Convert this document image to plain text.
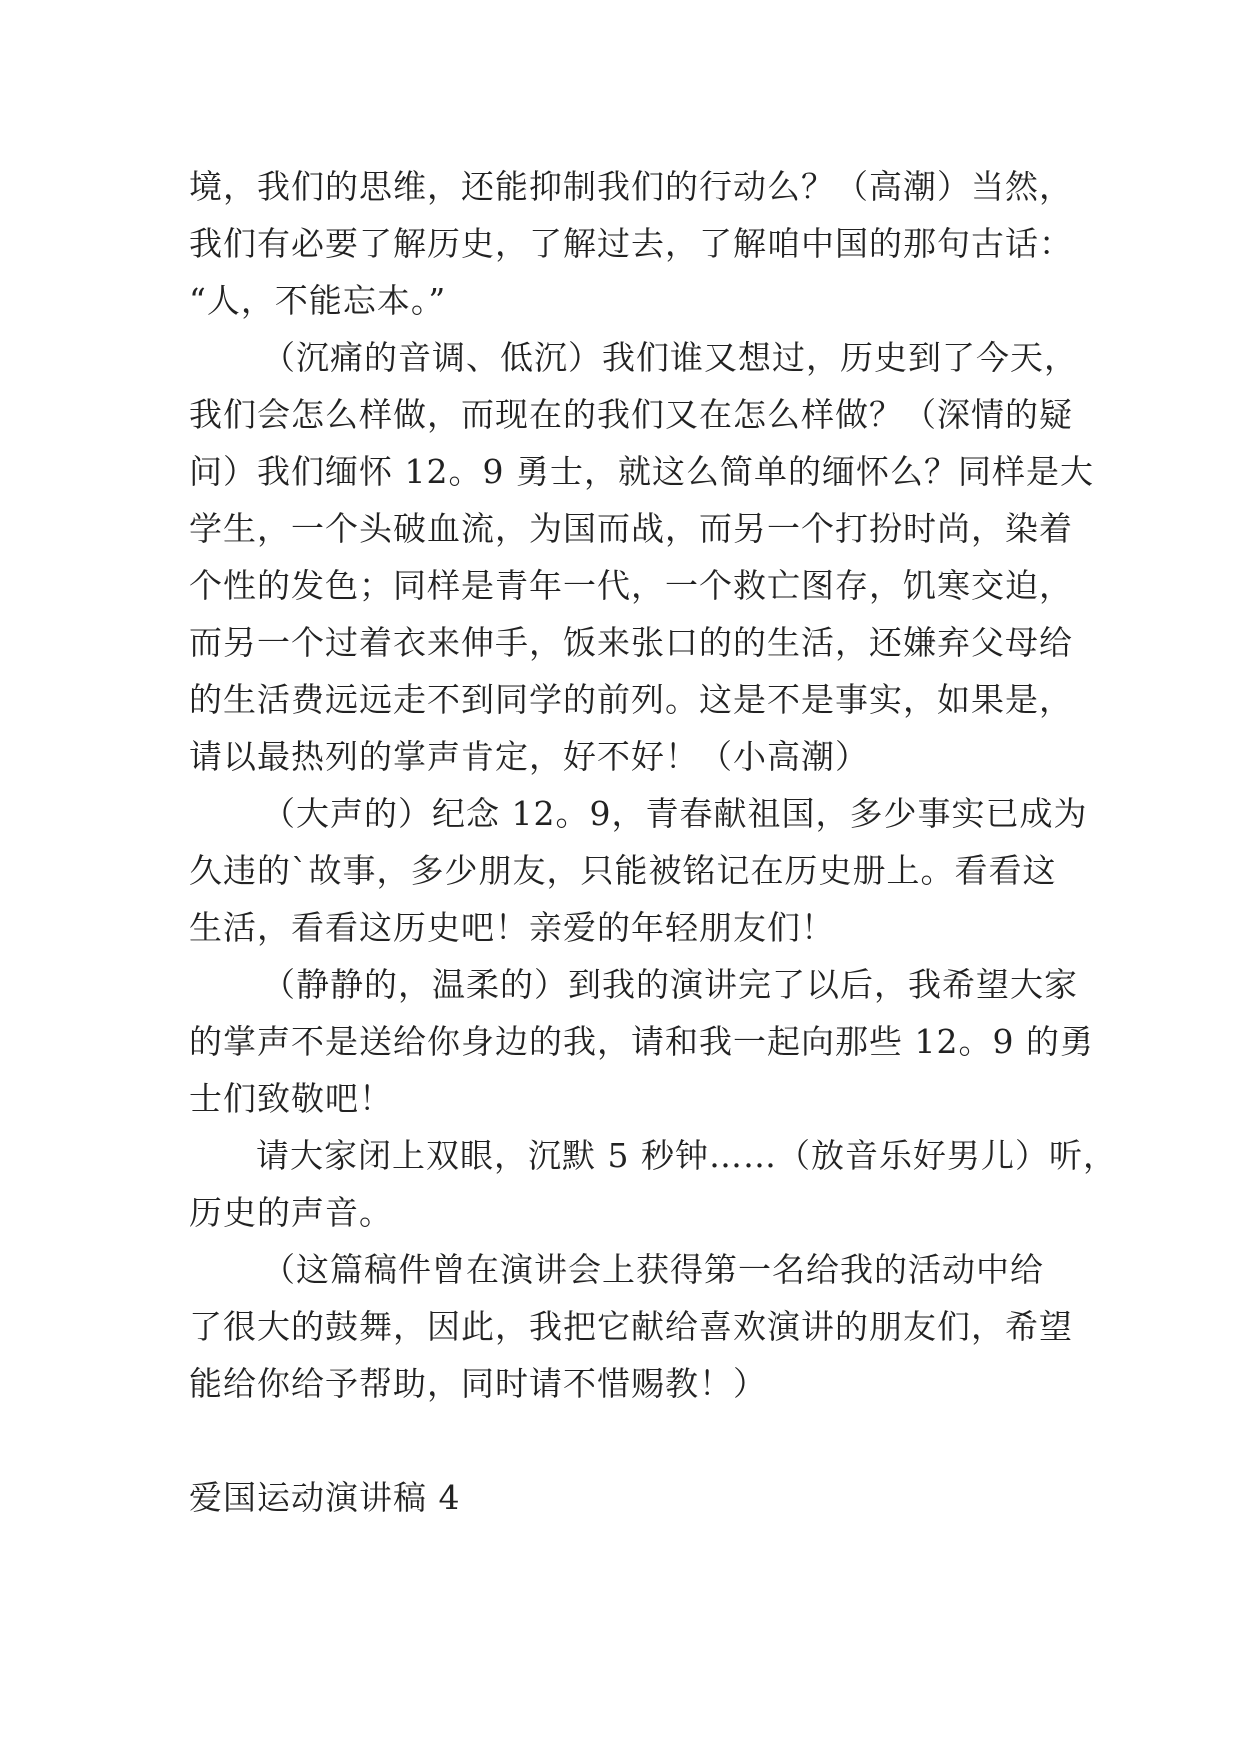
境，我们的思维，还能抑制我们的行动么？（高潮）当然，
我们有必要了解历史，了解过去，了解咱中国的那句古话：
“人，不能忘本。”
（沉痛的音调、低沉）我们谁又想过，历史到了今天，
我们会怎么样做，而现在的我们又在怎么样做？（深情的疑
问）我们缅怀 12。9 勇士，就这么简单的缅怀么？同样是大
学生，一个头破血流，为国而战，而另一个打扮时尚，染着
个性的发色；同样是青年一代，一个救亡图存，饥寒交迫，
而另一个过着衣来伸手，饭来张口的的生活，还嫌弃父母给
的生活费远远走不到同学的前列。这是不是事实，如果是，
请以最热列的掌声肯定，好不好！（小高潮）
（大声的）纪念 12。9，青春献祖国，多少事实已成为
久违的`故事，多少朋友，只能被铭记在历史册上。看看这
生活，看看这历史吧！亲爱的年轻朋友们！
（静静的，温柔的）到我的演讲完了以后，我希望大家
的掌声不是送给你身边的我，请和我一起向那些 12。9 的勇
士们致敬吧！
请大家闭上双眼，沉默 5 秒钟……（放音乐好男儿）听，
历史的声音。
（这篇稿件曾在演讲会上获得第一名给我的活动中给
了很大的鼓舞，因此，我把它献给喜欢演讲的朋友们，希望
能给你给予帮助，同时请不惜赐教！）
爱国运动演讲稿 4
